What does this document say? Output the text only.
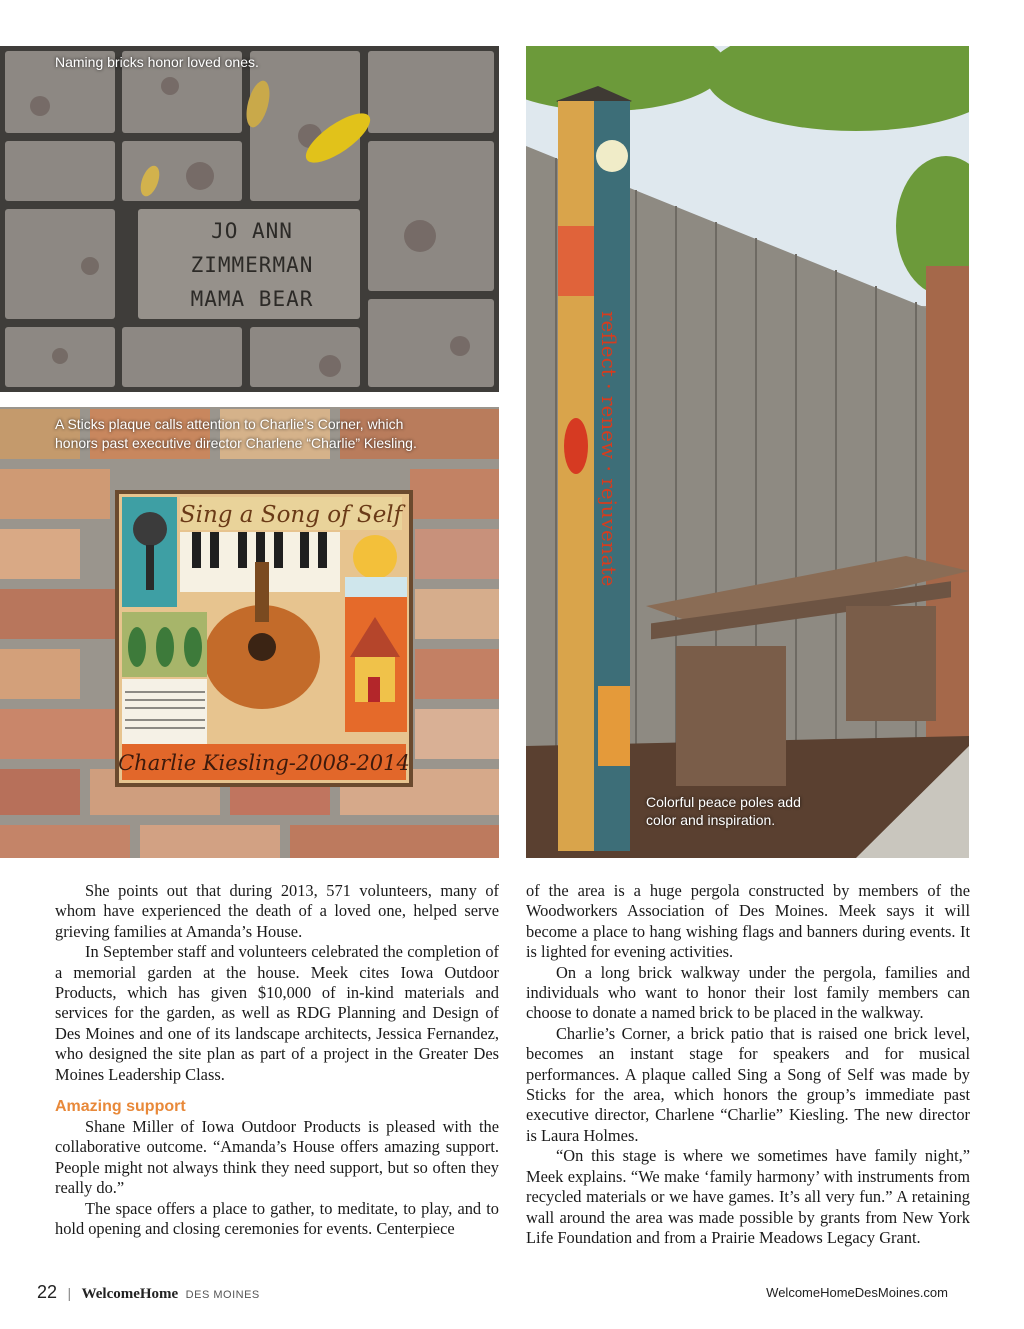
JO ANN
ZIMMERMAN
MAMA BEAR
Naming bricks honor loved ones.
Sing a Song of Self
Charlie Kiesling-2008-2014
A Sticks plaque calls attention to Charlie’s Corner, which
honors past executive director Charlene “Charlie” Kiesling.	reflect · renew · rejuvenate
Colorful peace poles add
color and inspiration.

She points out that during 2013, 571 volunteers, many of whom have experienced the death of a loved one, helped serve grieving families at Amanda’s House.

In September staff and volunteers celebrated the completion of a memorial garden at the house. Meek cites Iowa Outdoor Products, which has given $10,000 of in-kind materials and services for the garden, as well as RDG Planning and Design of Des Moines and one of its landscape architects, Jessica Fernandez, who designed the site plan as part of a project in the Greater Des Moines Leadership Class.

Amazing support

Shane Miller of Iowa Outdoor Products is pleased with the collaborative outcome. “Amanda’s House offers amazing support. People might not always think they need support, but so often they really do.”

The space offers a place to gather, to meditate, to play, and to hold opening and closing ceremonies for events. Centerpiece

of the area is a huge pergola constructed by members of the Woodworkers Association of Des Moines. Meek says it will become a place to hang wishing flags and banners during events. It is lighted for evening activities.

On a long brick walkway under the pergola, families and individuals who want to honor their lost family members can choose to donate a named brick to be placed in the walkway.

Charlie’s Corner, a brick patio that is raised one brick level, becomes an instant stage for speakers and for musical performances. A plaque called Sing a Song of Self was made by Sticks for the area, which honors the group’s immediate past executive director, Charlene “Charlie” Kiesling. The new director is Laura Holmes.

“On this stage is where we sometimes have family night,” Meek explains. “We make ‘family harmony’ with instruments from recycled materials or we have games. It’s all very fun.” A retaining wall around the area was made possible by grants from New York Life Foundation and from a Prairie Meadows Legacy Grant.

22 | WelcomeHome DES MOINES	WelcomeHomeDesMoines.com
